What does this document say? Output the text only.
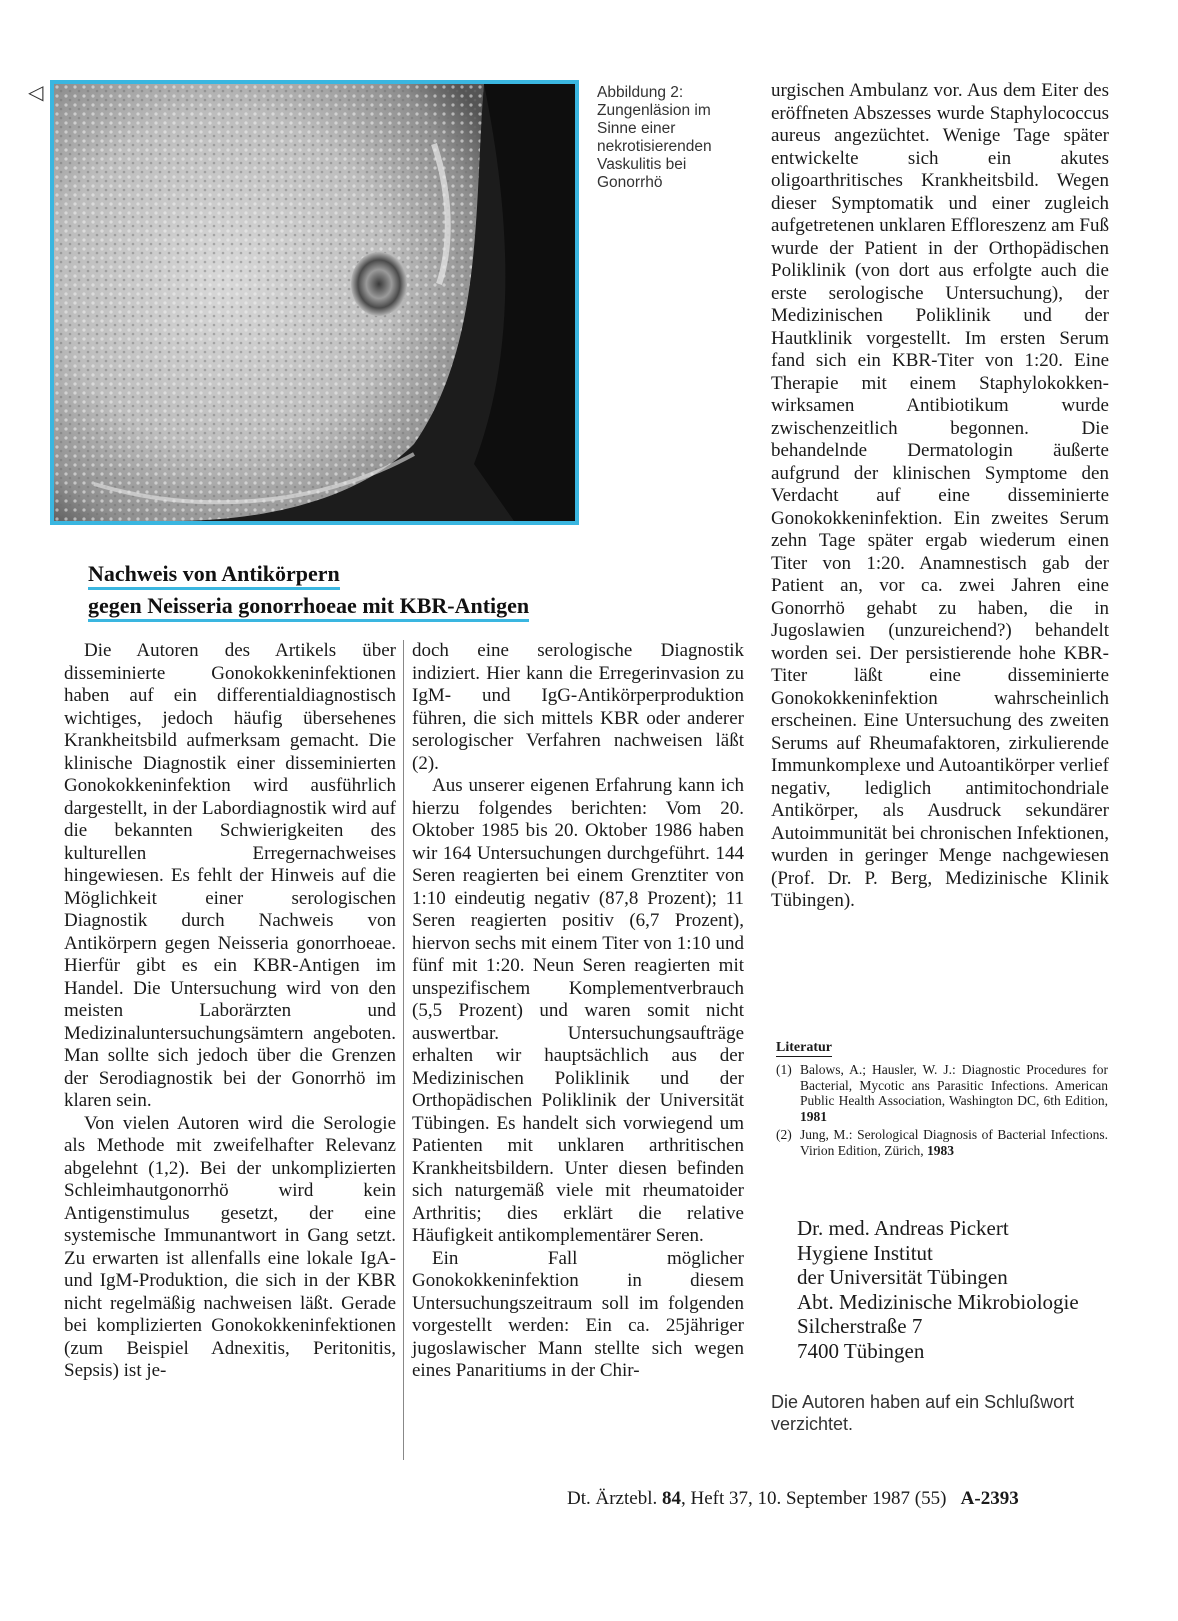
◁	Abbildung 2:
Zungenläsion im
Sinne einer
nekrotisierenden
Vaskulitis bei
Gonorrhö
Nachweis von Antikörpern
gegen Neisseria gonorrhoeae mit KBR-Antigen

Die Autoren des Artikels über disseminierte Gonokokkeninfektionen haben auf ein differentialdiagnostisch wichtiges, jedoch häufig übersehenes Krankheitsbild aufmerksam gemacht. Die klinische Diagnostik einer disseminierten Gonokokkeninfektion wird ausführlich dargestellt, in der Labordiagnostik wird auf die bekannten Schwierigkeiten des kulturellen Erregernachweises hingewiesen. Es fehlt der Hinweis auf die Möglichkeit einer serologischen Diagnostik durch Nachweis von Antikörpern gegen Neisseria gonorrhoeae. Hierfür gibt es ein KBR-Antigen im Handel. Die Untersuchung wird von den meisten Laborärzten und Medizinaluntersuchungsämtern angeboten. Man sollte sich jedoch über die Grenzen der Serodiagnostik bei der Gonorrhö im klaren sein.

Von vielen Autoren wird die Serologie als Methode mit zweifelhafter Relevanz abgelehnt (1,2). Bei der unkomplizierten Schleimhautgonorrhö wird kein Antigenstimulus gesetzt, der eine systemische Immunantwort in Gang setzt. Zu erwarten ist allenfalls eine lokale IgA- und IgM-Produktion, die sich in der KBR nicht regelmäßig nachweisen läßt. Gerade bei komplizierten Gonokokkeninfektionen (zum Beispiel Adnexitis, Peritonitis, Sepsis) ist je-

doch eine serologische Diagnostik indiziert. Hier kann die Erregerinvasion zu IgM- und IgG-Antikörperproduktion führen, die sich mittels KBR oder anderer serologischer Verfahren nachweisen läßt (2).

Aus unserer eigenen Erfahrung kann ich hierzu folgendes berichten: Vom 20. Oktober 1985 bis 20. Oktober 1986 haben wir 164 Untersuchungen durchgeführt. 144 Seren reagierten bei einem Grenztiter von 1:10 eindeutig negativ (87,8 Prozent); 11 Seren reagierten positiv (6,7 Prozent), hiervon sechs mit einem Titer von 1:10 und fünf mit 1:20. Neun Seren reagierten mit unspezifischem Komplementverbrauch (5,5 Prozent) und waren somit nicht auswertbar. Untersuchungsaufträge erhalten wir hauptsächlich aus der Medizinischen Poliklinik und der Orthopädischen Poliklinik der Universität Tübingen. Es handelt sich vorwiegend um Patienten mit unklaren arthritischen Krankheitsbildern. Unter diesen befinden sich naturgemäß viele mit rheumatoider Arthritis; dies erklärt die relative Häufigkeit antikomplementärer Seren.

Ein Fall möglicher Gonokokkeninfektion in diesem Untersuchungszeitraum soll im folgenden vorgestellt werden: Ein ca. 25jähriger jugoslawischer Mann stellte sich wegen eines Panaritiums in der Chir-

urgischen Ambulanz vor. Aus dem Eiter des eröffneten Abszesses wurde Staphylococcus aureus angezüchtet. Wenige Tage später entwickelte sich ein akutes oligoarthritisches Krankheitsbild. Wegen dieser Symptomatik und einer zugleich aufgetretenen unklaren Effloreszenz am Fuß wurde der Patient in der Orthopädischen Poliklinik (von dort aus erfolgte auch die erste serologische Untersuchung), der Medizinischen Poliklinik und der Hautklinik vorgestellt. Im ersten Serum fand sich ein KBR-Titer von 1:20. Eine Therapie mit einem Staphylokokken-wirksamen Antibiotikum wurde zwischenzeitlich begonnen. Die behandelnde Dermatologin äußerte aufgrund der klinischen Symptome den Verdacht auf eine disseminierte Gonokokkeninfektion. Ein zweites Serum zehn Tage später ergab wiederum einen Titer von 1:20. Anamnestisch gab der Patient an, vor ca. zwei Jahren eine Gonorrhö gehabt zu haben, die in Jugoslawien (unzureichend?) behandelt worden sei. Der persistierende hohe KBR-Titer läßt eine disseminierte Gonokokkeninfektion wahrscheinlich erscheinen. Eine Untersuchung des zweiten Serums auf Rheumafaktoren, zirkulierende Immunkomplexe und Autoantikörper verlief negativ, lediglich antimitochondriale Antikörper, als Ausdruck sekundärer Autoimmunität bei chronischen Infektionen, wurden in geringer Menge nachgewiesen (Prof. Dr. P. Berg, Medizinische Klinik Tübingen).

Literatur
(1) Balows, A.; Hausler, W. J.: Diagnostic Procedures for Bacterial, Mycotic ans Parasitic Infections. American Public Health Association, Washington DC, 6th Edition, 1981
(2) Jung, M.: Serological Diagnosis of Bacterial Infections. Virion Edition, Zürich, 1983
Dr. med. Andreas Pickert
Hygiene Institut
der Universität Tübingen
Abt. Medizinische Mikrobiologie
Silcherstraße 7
7400 Tübingen
Die Autoren haben auf ein Schlußwort verzichtet.
Dt. Ärztebl. 84, Heft 37, 10. September 1987 (55) A-2393
